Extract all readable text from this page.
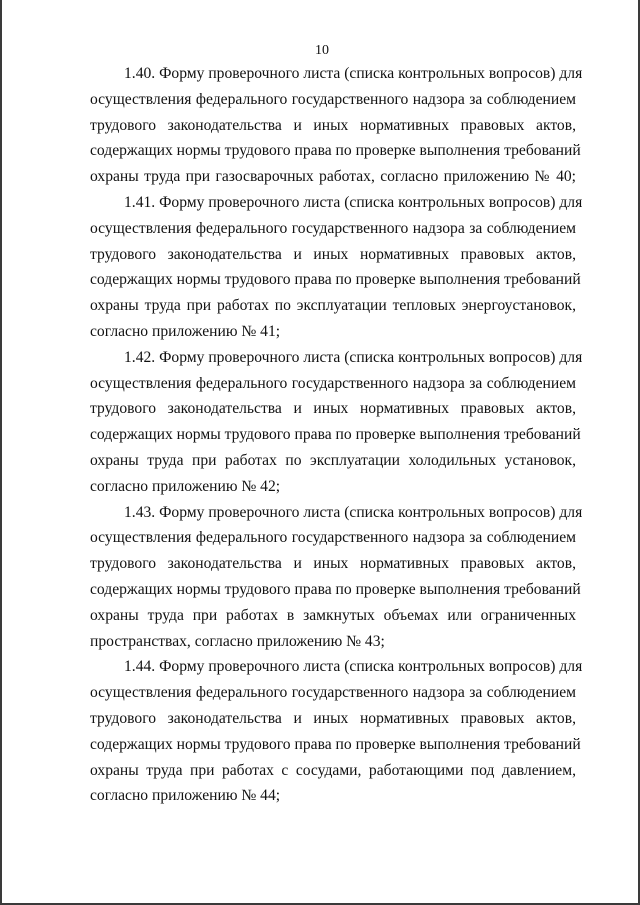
10

1.40. Форму проверочного листа (списка контрольных вопросов) для
осуществления федерального государственного надзора за соблюдением
трудового законодательства и иных нормативных правовых актов,
содержащих нормы трудового права по проверке выполнения требований
охраны труда при газосварочных работах, согласно приложению № 40;

1.41. Форму проверочного листа (списка контрольных вопросов) для
осуществления федерального государственного надзора за соблюдением
трудового законодательства и иных нормативных правовых актов,
содержащих нормы трудового права по проверке выполнения требований
охраны труда при работах по эксплуатации тепловых энергоустановок,
согласно приложению № 41;

1.42. Форму проверочного листа (списка контрольных вопросов) для
осуществления федерального государственного надзора за соблюдением
трудового законодательства и иных нормативных правовых актов,
содержащих нормы трудового права по проверке выполнения требований
охраны труда при работах по эксплуатации холодильных установок,
согласно приложению № 42;

1.43. Форму проверочного листа (списка контрольных вопросов) для
осуществления федерального государственного надзора за соблюдением
трудового законодательства и иных нормативных правовых актов,
содержащих нормы трудового права по проверке выполнения требований
охраны труда при работах в замкнутых объемах или ограниченных
пространствах, согласно приложению № 43;

1.44. Форму проверочного листа (списка контрольных вопросов) для
осуществления федерального государственного надзора за соблюдением
трудового законодательства и иных нормативных правовых актов,
содержащих нормы трудового права по проверке выполнения требований
охраны труда при работах с сосудами, работающими под давлением,
согласно приложению № 44;
